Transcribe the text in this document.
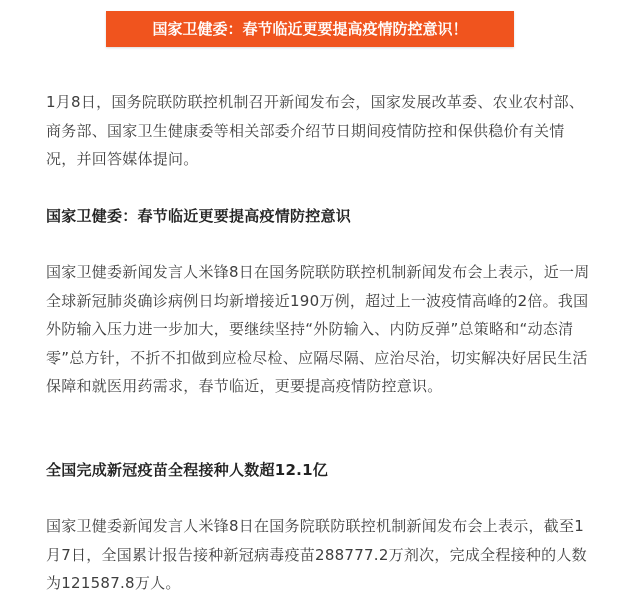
国家卫健委：春节临近更要提高疫情防控意识！

1月8日，国务院联防联控机制召开新闻发布会，国家发展改革委、农业农村部、商务部、国家卫生健康委等相关部委介绍节日期间疫情防控和保供稳价有关情况，并回答媒体提问。

国家卫健委：春节临近更要提高疫情防控意识

国家卫健委新闻发言人米锋8日在国务院联防联控机制新闻发布会上表示，近一周全球新冠肺炎确诊病例日均新增接近190万例，超过上一波疫情高峰的2倍。我国外防输入压力进一步加大，要继续坚持“外防输入、内防反弹”总策略和“动态清零”总方针，不折不扣做到应检尽检、应隔尽隔、应治尽治，切实解决好居民生活保障和就医用药需求，春节临近，更要提高疫情防控意识。

全国完成新冠疫苗全程接种人数超12.1亿

国家卫健委新闻发言人米锋8日在国务院联防联控机制新闻发布会上表示，截至1月7日，全国累计报告接种新冠病毒疫苗288777.2万剂次，完成全程接种的人数为121587.8万人。
